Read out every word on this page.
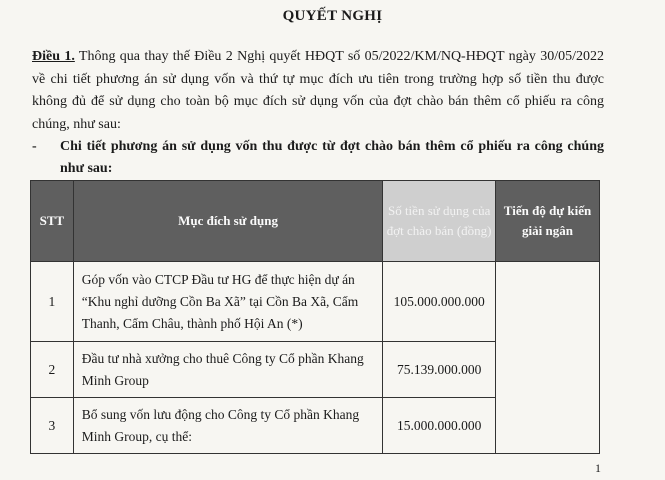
QUYẾT NGHỊ
Điều 1. Thông qua thay thế Điều 2 Nghị quyết HĐQT số 05/2022/KM/NQ-HĐQT ngày 30/05/2022 về chi tiết phương án sử dụng vốn và thứ tự mục đích ưu tiên trong trường hợp số tiền thu được không đủ để sử dụng cho toàn bộ mục đích sử dụng vốn của đợt chào bán thêm cổ phiếu ra công chúng, như sau:
-	Chi tiết phương án sử dụng vốn thu được từ đợt chào bán thêm cổ phiếu ra công chúng như sau:
STT	Mục đích sử dụng	Số tiền sử dụng của đợt chào bán (đồng)	Tiến độ dự kiến giải ngân
1	Góp vốn vào CTCP Đầu tư HG để thực hiện dự án “Khu nghỉ dưỡng Cồn Ba Xã” tại Cồn Ba Xã, Cẩm Thanh, Cẩm Châu, thành phố Hội An (*)	105.000.000.000	
2	Đầu tư nhà xưởng cho thuê Công ty Cổ phần Khang Minh Group	75.139.000.000	
3	Bổ sung vốn lưu động cho Công ty Cổ phần Khang Minh Group, cụ thể:	15.000.000.000	
1
